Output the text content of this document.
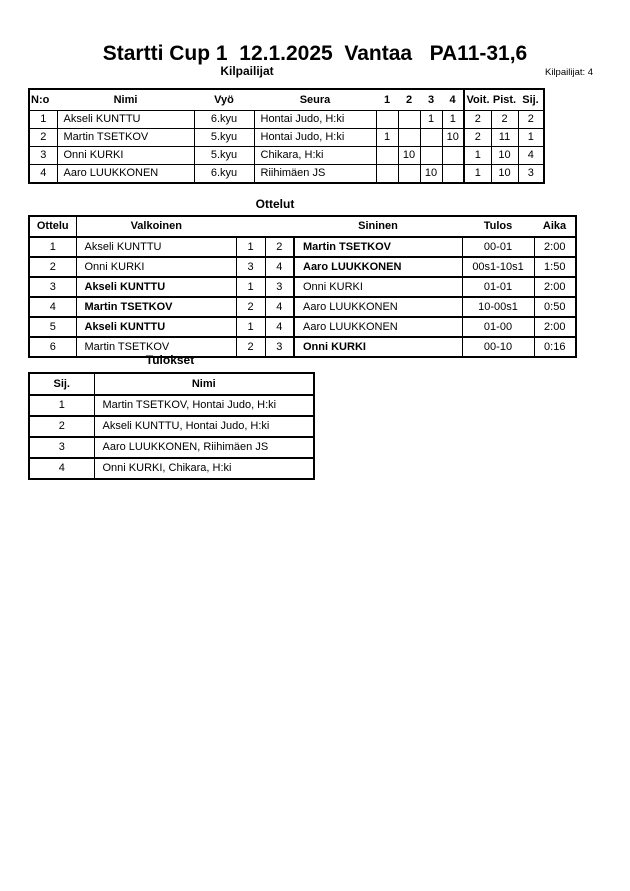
Startti Cup 1  12.1.2025  Vantaa   PA11-31,6
Kilpailijat	Kilpailijat: 4
N:o	Nimi	Vyö	Seura	1	2	3	4	Voit.	Pist.	Sij.
1	Akseli KUNTTU	6.kyu	Hontai Judo, H:ki			1	1	2	2	2
2	Martin TSETKOV	5.kyu	Hontai Judo, H:ki	1			10	2	11	1
3	Onni KURKI	5.kyu	Chikara, H:ki		10			1	10	4
4	Aaro LUUKKONEN	6.kyu	Riihimäen JS			10		1	10	3
Ottelut
Ottelu	Valkoinen			Sininen	Tulos	Aika
1	Akseli KUNTTU	1	2	Martin TSETKOV	00-01	2:00
2	Onni KURKI	3	4	Aaro LUUKKONEN	00s1-10s1	1:50
3	Akseli KUNTTU	1	3	Onni KURKI	01-01	2:00
4	Martin TSETKOV	2	4	Aaro LUUKKONEN	10-00s1	0:50
5	Akseli KUNTTU	1	4	Aaro LUUKKONEN	01-00	2:00
6	Martin TSETKOV	2	3	Onni KURKI	00-10	0:16
Tulokset
Sij.	Nimi
1	Martin TSETKOV, Hontai Judo, H:ki
2	Akseli KUNTTU, Hontai Judo, H:ki
3	Aaro LUUKKONEN, Riihimäen JS
4	Onni KURKI, Chikara, H:ki
